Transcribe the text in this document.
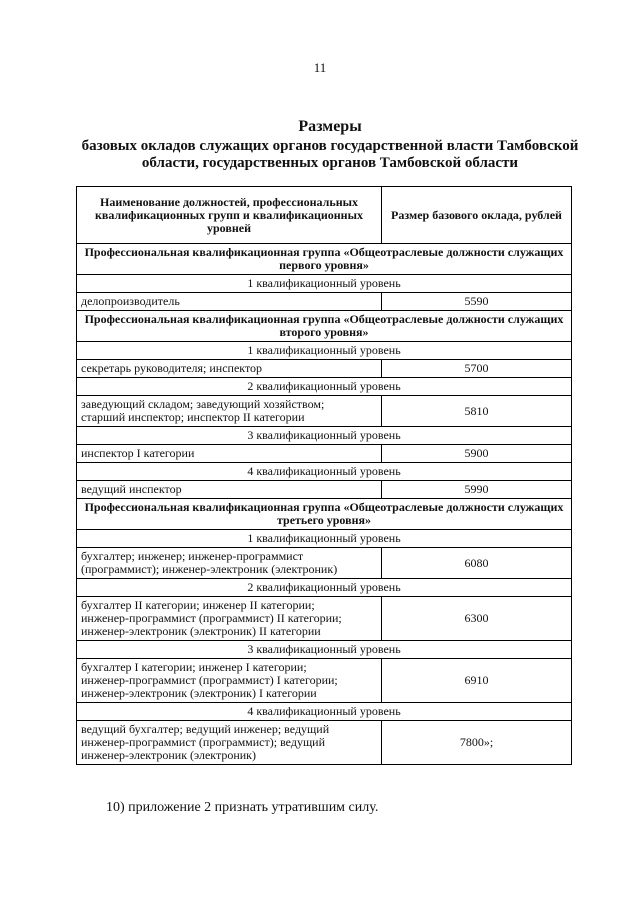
11
Размеры
базовых окладов служащих органов государственной власти Тамбовской
области, государственных органов Тамбовской области
Наименование должностей, профессиональных квалификационных групп и квалификационных уровней	Размер базового оклада, рублей
Профессиональная квалификационная группа «Общеотраслевые должности служащих первого уровня»	
1 квалификационный уровень	
делопроизводитель	5590
Профессиональная квалификационная группа «Общеотраслевые должности служащих второго уровня»	
1 квалификационный уровень	
секретарь руководителя; инспектор	5700
2 квалификационный уровень	
заведующий складом; заведующий хозяйством;
старший инспектор; инспектор II категории	5810
3 квалификационный уровень	
инспектор I категории	5900
4 квалификационный уровень	
ведущий инспектор	5990
Профессиональная квалификационная группа «Общеотраслевые должности служащих третьего уровня»	
1 квалификационный уровень	
бухгалтер; инженер; инженер-программист
(программист); инженер-электроник (электроник)	6080
2 квалификационный уровень	
бухгалтер II категории; инженер II категории;
инженер-программист (программист) II категории;
инженер-электроник (электроник) II категории	6300
3 квалификационный уровень	
бухгалтер I категории; инженер I категории;
инженер-программист (программист) I категории;
инженер-электроник (электроник) I категории	6910
4 квалификационный уровень	
ведущий бухгалтер; ведущий инженер; ведущий
инженер-программист (программист); ведущий
инженер-электроник (электроник)	7800»;
10) приложение 2 признать утратившим силу.
